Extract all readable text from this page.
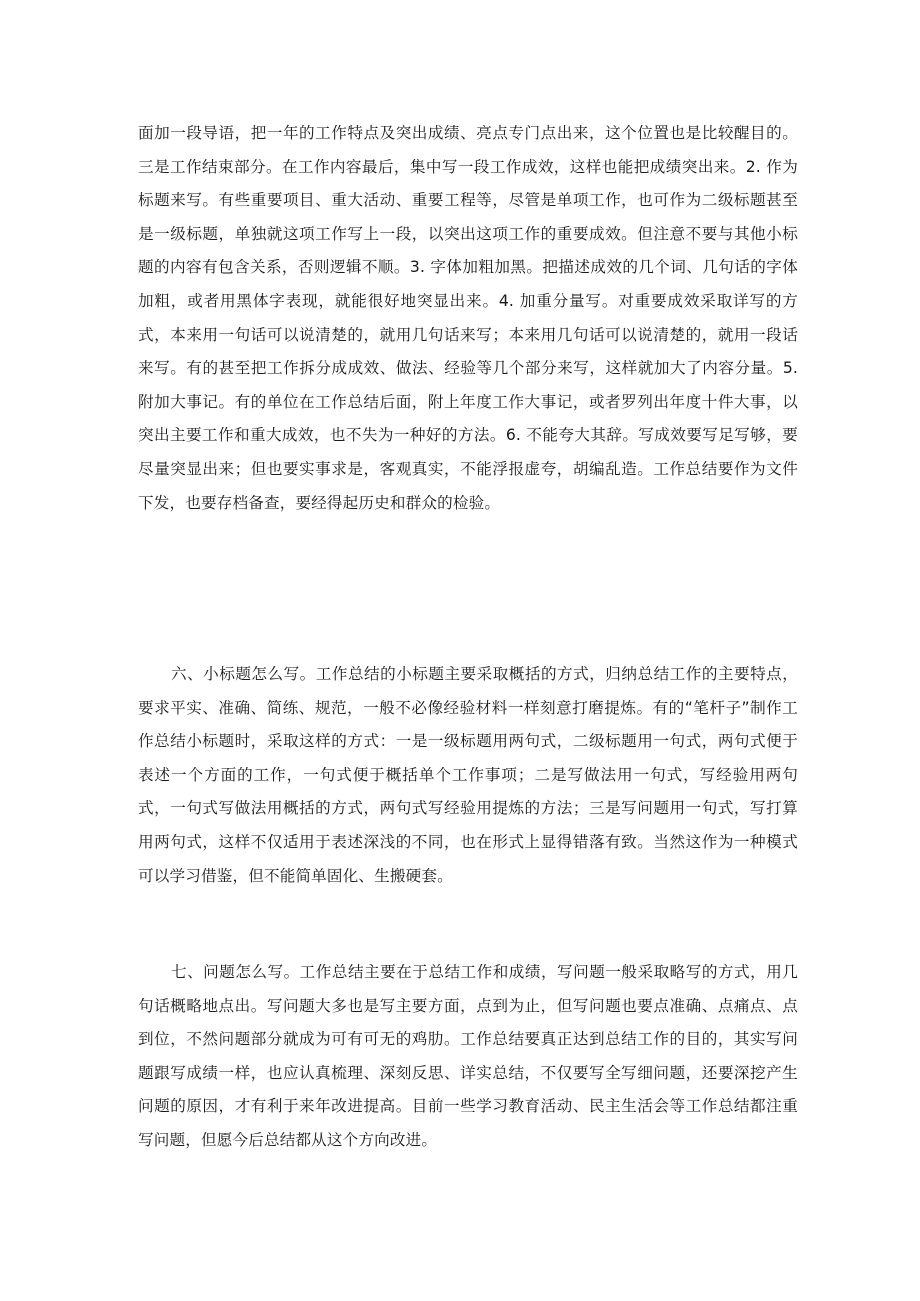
面加一段导语，把一年的工作特点及突出成绩、亮点专门点出来，这个位置也是比较醒目的。三是工作结束部分。在工作内容最后，集中写一段工作成效，这样也能把成绩突出来。2. 作为标题来写。有些重要项目、重大活动、重要工程等，尽管是单项工作，也可作为二级标题甚至是一级标题，单独就这项工作写上一段，以突出这项工作的重要成效。但注意不要与其他小标题的内容有包含关系，否则逻辑不顺。3. 字体加粗加黑。把描述成效的几个词、几句话的字体加粗，或者用黑体字表现，就能很好地突显出来。4. 加重分量写。对重要成效采取详写的方式，本来用一句话可以说清楚的，就用几句话来写；本来用几句话可以说清楚的，就用一段话来写。有的甚至把工作拆分成成效、做法、经验等几个部分来写，这样就加大了内容分量。5.附加大事记。有的单位在工作总结后面，附上年度工作大事记，或者罗列出年度十件大事，以突出主要工作和重大成效，也不失为一种好的方法。6. 不能夸大其辞。写成效要写足写够，要尽量突显出来；但也要实事求是，客观真实，不能浮报虚夸，胡编乱造。工作总结要作为文件下发，也要存档备查，要经得起历史和群众的检验。

六、小标题怎么写。工作总结的小标题主要采取概括的方式，归纳总结工作的主要特点，要求平实、准确、简练、规范，一般不必像经验材料一样刻意打磨提炼。有的“笔杆子”制作工作总结小标题时，采取这样的方式：一是一级标题用两句式，二级标题用一句式，两句式便于表述一个方面的工作，一句式便于概括单个工作事项；二是写做法用一句式，写经验用两句式，一句式写做法用概括的方式，两句式写经验用提炼的方法；三是写问题用一句式，写打算用两句式，这样不仅适用于表述深浅的不同，也在形式上显得错落有致。当然这作为一种模式可以学习借鉴，但不能简单固化、生搬硬套。

七、问题怎么写。工作总结主要在于总结工作和成绩，写问题一般采取略写的方式，用几句话概略地点出。写问题大多也是写主要方面，点到为止，但写问题也要点准确、点痛点、点到位，不然问题部分就成为可有可无的鸡肋。工作总结要真正达到总结工作的目的，其实写问题跟写成绩一样，也应认真梳理、深刻反思、详实总结，不仅要写全写细问题，还要深挖产生问题的原因，才有利于来年改进提高。目前一些学习教育活动、民主生活会等工作总结都注重写问题，但愿今后总结都从这个方向改进。
